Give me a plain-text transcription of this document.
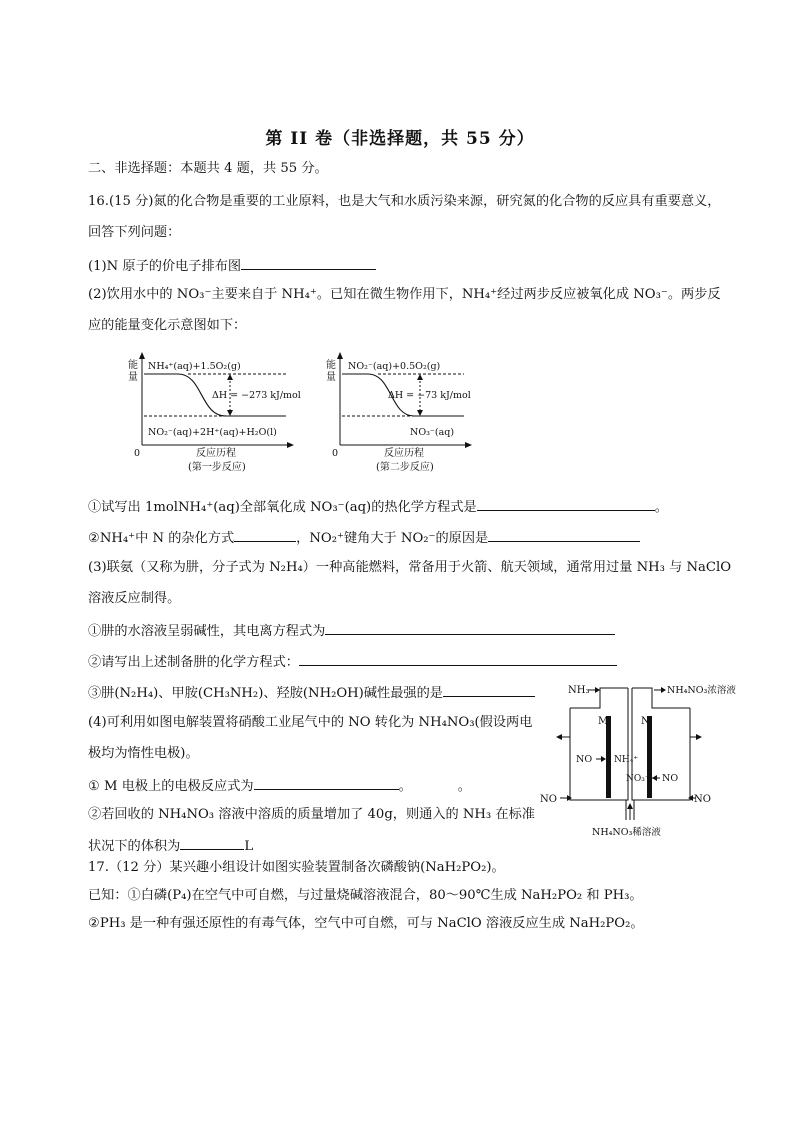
第 II 卷（非选择题，共 55 分）
二、非选择题：本题共 4 题，共 55 分。
16.(15 分)氮的化合物是重要的工业原料，也是大气和水质污染来源，研究氮的化合物的反应具有重要意义，
回答下列问题：
(1)N 原子的价电子排布图
(2)饮用水中的 NO₃⁻主要来自于 NH₄⁺。已知在微生物作用下，NH₄⁺经过两步反应被氧化成 NO₃⁻。两步反
应的能量变化示意图如下：
能
量
NH₄⁺(aq)+1.5O₂(g)
ΔH = −273 kJ/mol
NO₂⁻(aq)+2H⁺(aq)+H₂O(l)
0	反应历程
(第一步反应)
能
量
NO₂⁻(aq)+0.5O₂(g)
ΔH = −73 kJ/mol
NO₃⁻(aq)
0	反应历程
(第二步反应)
①试写出 1molNH₄⁺(aq)全部氧化成 NO₃⁻(aq)的热化学方程式是	。
②NH₄⁺中 N 的杂化方式	，NO₂⁺键角大于 NO₂⁻的原因是
(3)联氨（又称为肼，分子式为 N₂H₄）一种高能燃料，常备用于火箭、航天领域，通常用过量 NH₃ 与 NaClO
溶液反应制得。
①肼的水溶液呈弱碱性，其电离方程式为
②请写出上述制备肼的化学方程式：
③肼(N₂H₄)、甲胺(CH₃NH₂)、羟胺(NH₂OH)碱性最强的是
(4)可利用如图电解装置将硝酸工业尾气中的 NO 转化为 NH₄NO₃(假设两电
极均为惰性电极)。
① M 电极上的电极反应式为	。	。
②若回收的 NH₄NO₃ 溶液中溶质的质量增加了 40g，则通入的 NH₃ 在标准
状况下的体积为	L
NH₃	NH₄NO₃浓溶液
M	N
NO NH₄⁺
NO₃⁻ NO
NO	NO
NH₄NO₃稀溶液
17.（12 分）某兴趣小组设计如图实验装置制备次磷酸钠(NaH₂PO₂)。
已知：①白磷(P₄)在空气中可自燃，与过量烧碱溶液混合，80～90℃生成 NaH₂PO₂ 和 PH₃。
②PH₃ 是一种有强还原性的有毒气体，空气中可自燃，可与 NaClO 溶液反应生成 NaH₂PO₂。
